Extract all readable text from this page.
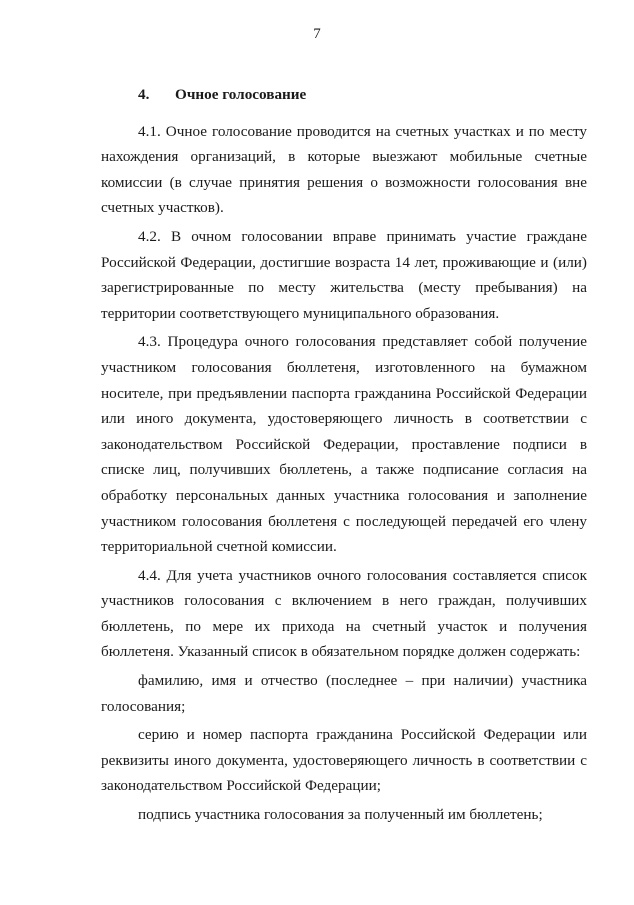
7
4. Очное голосование

4.1. Очное голосование проводится на счетных участках и по месту нахождения организаций, в которые выезжают мобильные счетные комиссии (в случае принятия решения о возможности голосования вне счетных участков).

4.2. В очном голосовании вправе принимать участие граждане Российской Федерации, достигшие возраста 14 лет, проживающие и (или) зарегистрированные по месту жительства (месту пребывания) на территории соответствующего муниципального образования.

4.3. Процедура очного голосования представляет собой получение участником голосования бюллетеня, изготовленного на бумажном носителе, при предъявлении паспорта гражданина Российской Федерации или иного документа, удостоверяющего личность в соответствии с законодательством Российской Федерации, проставление подписи в списке лиц, получивших бюллетень, а также подписание согласия на обработку персональных данных участника голосования и заполнение участником голосования бюллетеня с последующей передачей его члену территориальной счетной комиссии.

4.4. Для учета участников очного голосования составляется список участников голосования с включением в него граждан, получивших бюллетень, по мере их прихода на счетный участок и получения бюллетеня. Указанный список в обязательном порядке должен содержать:

фамилию, имя и отчество (последнее – при наличии) участника голосования;

серию и номер паспорта гражданина Российской Федерации или реквизиты иного документа, удостоверяющего личность в соответствии с законодательством Российской Федерации;

подпись участника голосования за полученный им бюллетень;
